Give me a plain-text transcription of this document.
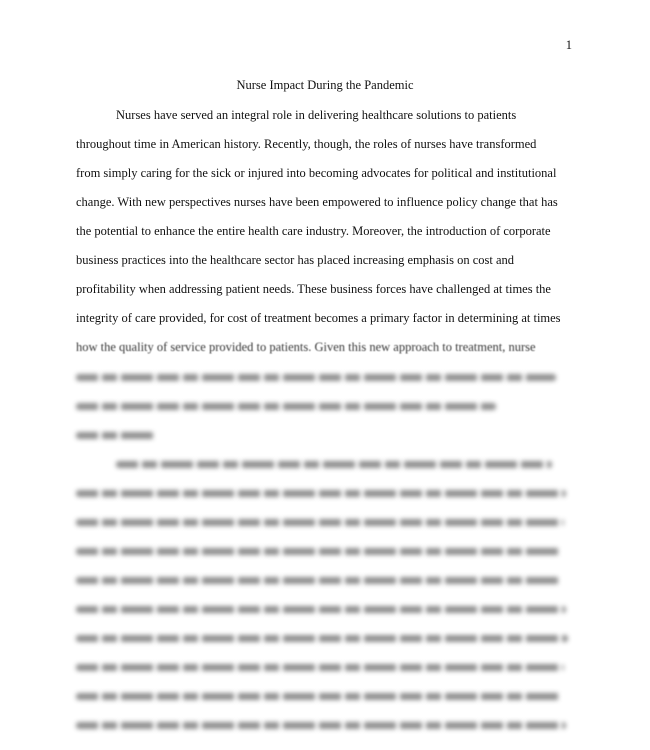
1
Nurse Impact During the Pandemic
Nurses have served an integral role in delivering healthcare solutions to patients
throughout time in American history. Recently, though, the roles of nurses have transformed
from simply caring for the sick or injured into becoming advocates for political and institutional
change. With new perspectives nurses have been empowered to influence policy change that has
the potential to enhance the entire health care industry. Moreover, the introduction of corporate
business practices into the healthcare sector has placed increasing emphasis on cost and
profitability when addressing patient needs. These business forces have challenged at times the
integrity of care provided, for cost of treatment becomes a primary factor in determining at times
how the quality of service provided to patients. Given this new approach to treatment, nurse
